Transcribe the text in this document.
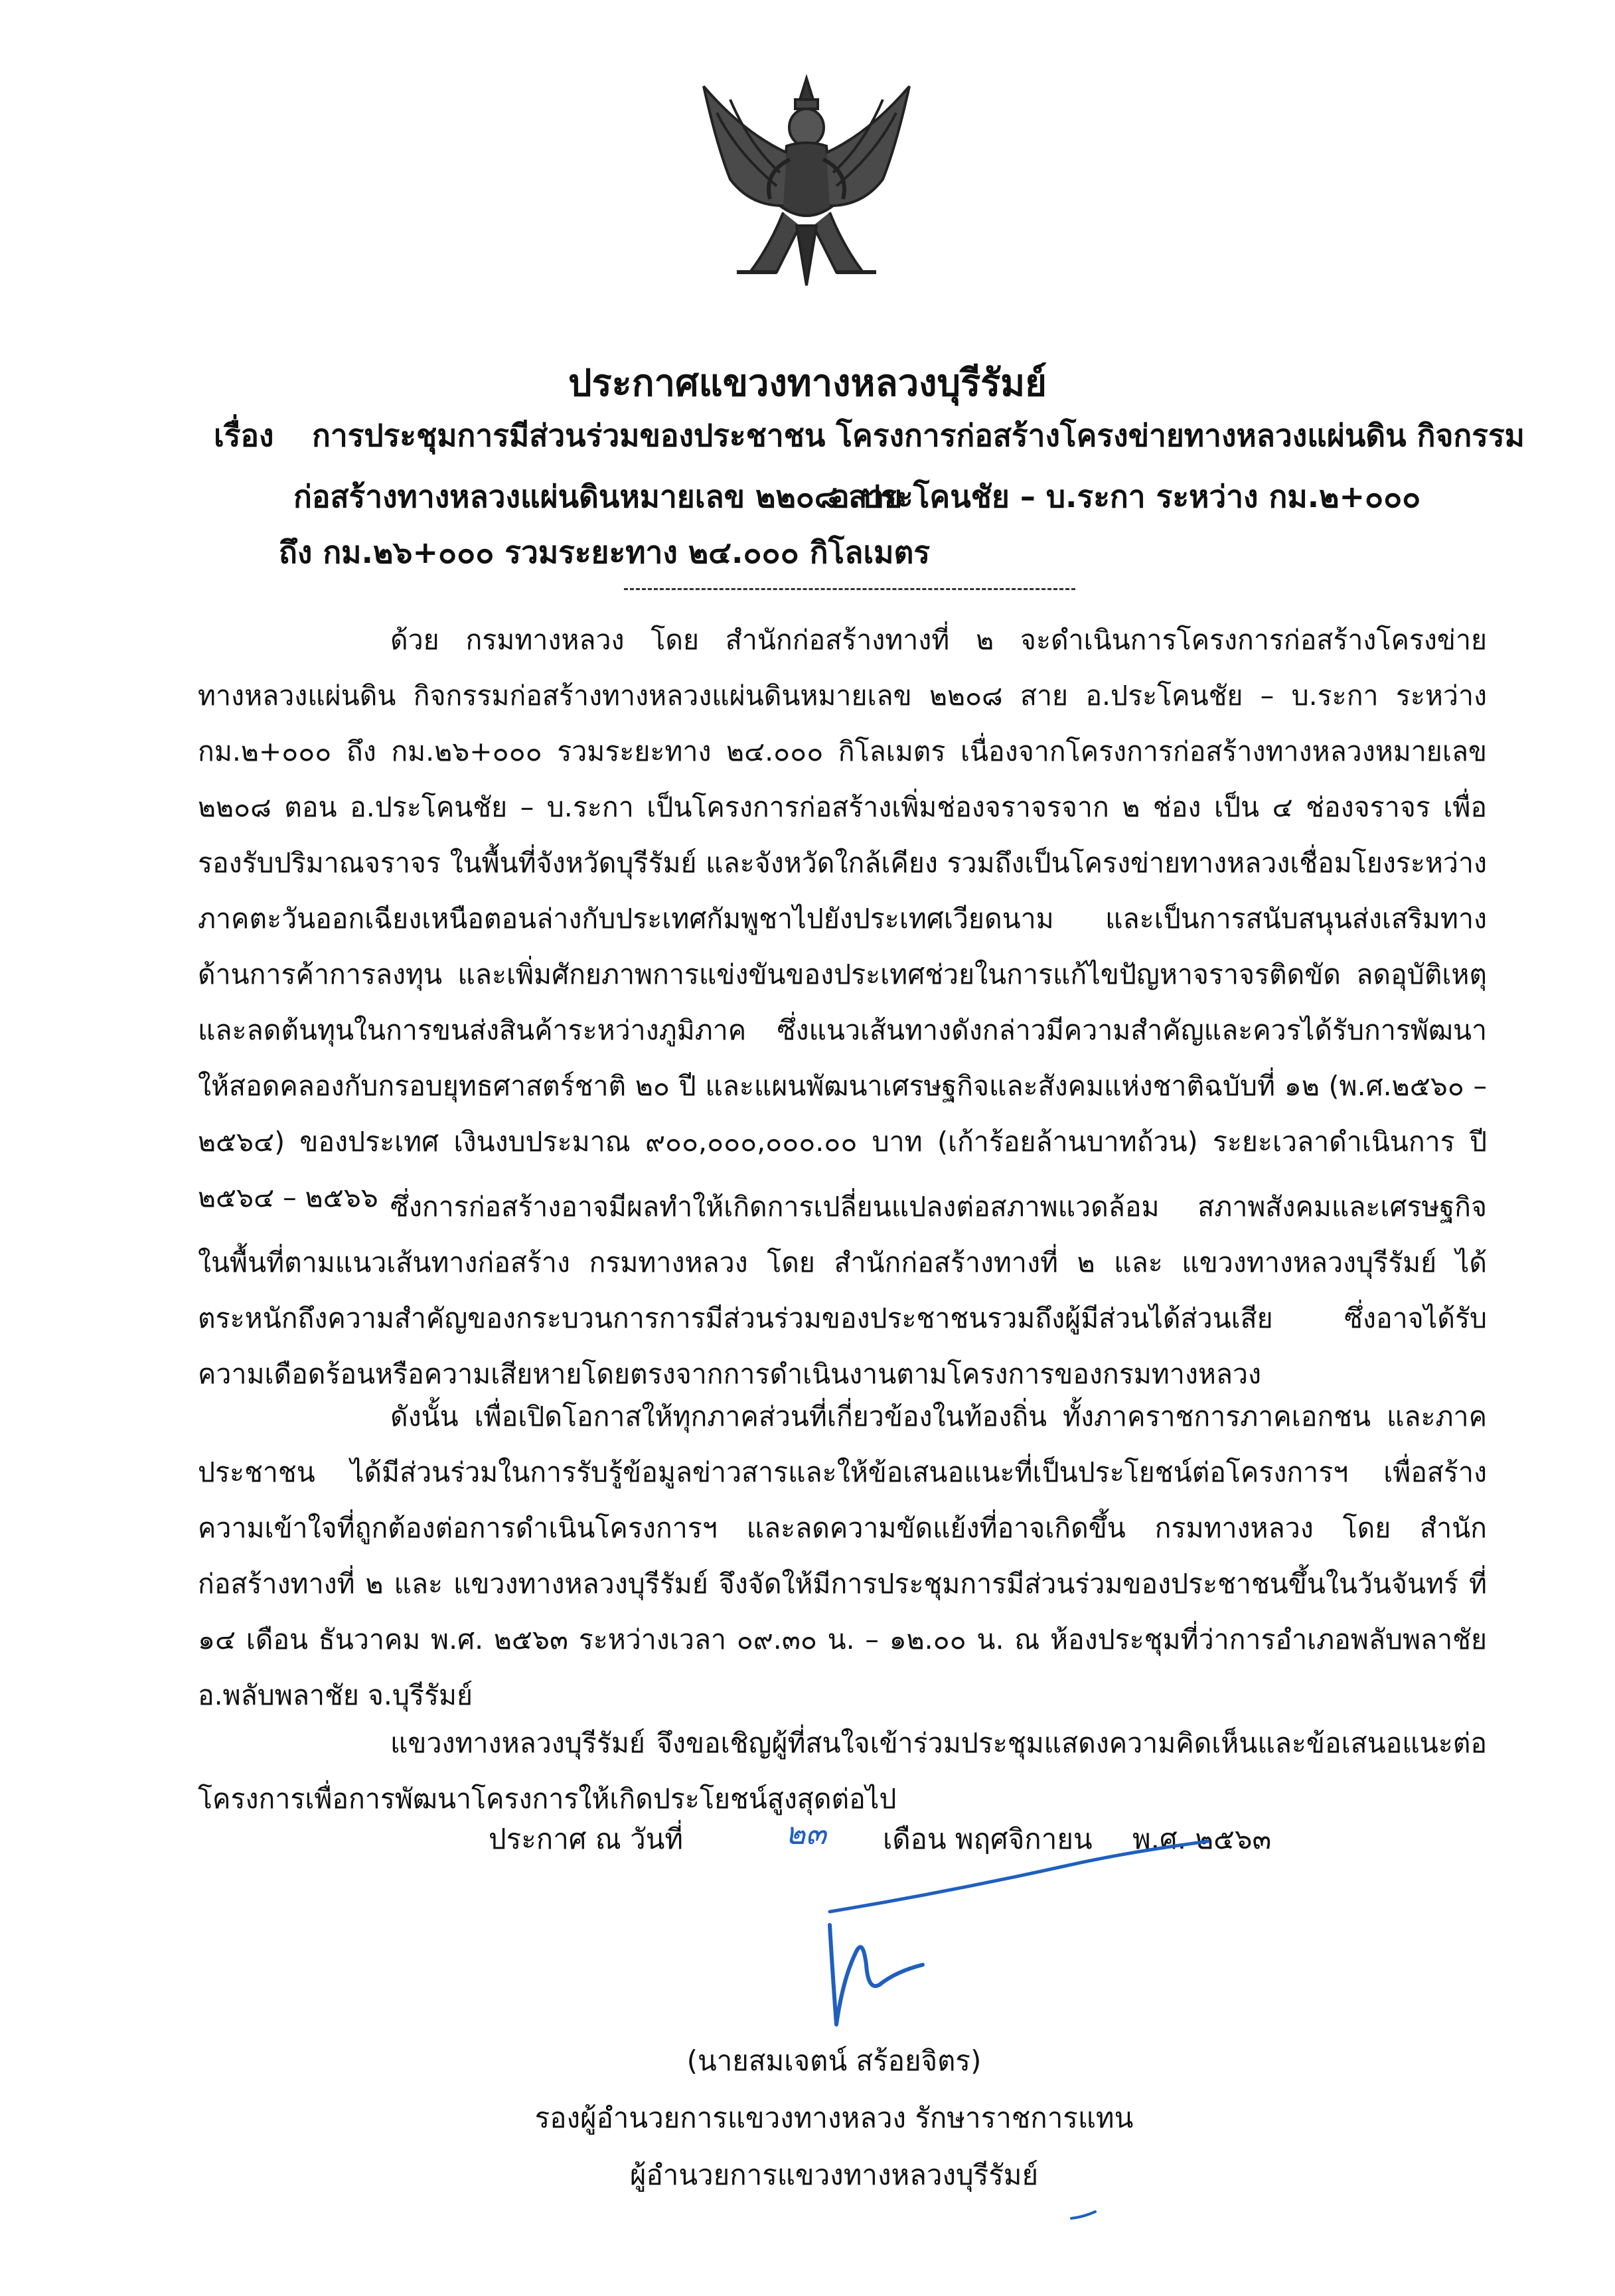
ประกาศแขวงทางหลวงบุรีรัมย์
เรื่อง การประชุมการมีส่วนร่วมของประชาชน โครงการก่อสร้างโครงข่ายทางหลวงแผ่นดิน กิจกรรม
ก่อสร้างทางหลวงแผ่นดินหมายเลข ๒๒๐๘ สาย
อ.ประโคนชัย – บ.ระกา ระหว่าง กม.๒+๐๐๐
ถึง กม.๒๖+๐๐๐ รวมระยะทาง ๒๔.๐๐๐ กิโลเมตร

ด้วย กรมทางหลวง โดย สำนักก่อสร้างทางที่ ๒ จะดำเนินการโครงการก่อสร้างโครงข่ายทางหลวงแผ่นดิน กิจกรรมก่อสร้างทางหลวงแผ่นดินหมายเลข ๒๒๐๘ สาย อ.ประโคนชัย – บ.ระกา ระหว่าง กม.๒+๐๐๐ ถึง กม.๒๖+๐๐๐ รวมระยะทาง ๒๔.๐๐๐ กิโลเมตร เนื่องจากโครงการก่อสร้างทางหลวงหมายเลข ๒๒๐๘ ตอน อ.ประโคนชัย – บ.ระกา เป็นโครงการก่อสร้างเพิ่มช่องจราจรจาก ๒ ช่อง เป็น ๔ ช่องจราจร เพื่อรองรับปริมาณจราจร ในพื้นที่จังหวัดบุรีรัมย์ และจังหวัดใกล้เคียง รวมถึงเป็นโครงข่ายทางหลวงเชื่อมโยงระหว่างภาคตะวันออกเฉียงเหนือตอนล่างกับประเทศกัมพูชาไปยังประเทศเวียดนาม และเป็นการสนับสนุนส่งเสริมทางด้านการค้าการลงทุน และเพิ่มศักยภาพการแข่งขันของประเทศช่วยในการแก้ไขปัญหาจราจรติดขัด ลดอุบัติเหตุ และลดต้นทุนในการขนส่งสินค้าระหว่างภูมิภาค ซึ่งแนวเส้นทางดังกล่าวมีความสำคัญและควรได้รับการพัฒนาให้สอดคลองกับกรอบยุทธศาสตร์ชาติ ๒๐ ปี และแผนพัฒนาเศรษฐกิจและสังคมแห่งชาติฉบับที่ ๑๒ (พ.ศ.๒๕๖๐ – ๒๕๖๔) ของประเทศ เงินงบประมาณ ๙๐๐,๐๐๐,๐๐๐.๐๐ บาท (เก้าร้อยล้านบาทถ้วน) ระยะเวลาดำเนินการ ปี ๒๕๖๔ – ๒๕๖๖ ซึ่งการก่อสร้างอาจมีผลทำให้เกิดการเปลี่ยนแปลงต่อสภาพแวดล้อม สภาพสังคมและเศรษฐกิจในพื้นที่ตามแนวเส้นทางก่อสร้าง กรมทางหลวง โดย สำนักก่อสร้างทางที่ ๒ และ แขวงทางหลวงบุรีรัมย์ ได้ตระหนักถึงความสำคัญของกระบวนการการมีส่วนร่วมของประชาชนรวมถึงผู้มีส่วนได้ส่วนเสีย ซึ่งอาจได้รับความเดือดร้อนหรือความเสียหายโดยตรงจากการดำเนินงานตามโครงการของกรมทางหลวง

ดังนั้น เพื่อเปิดโอกาสให้ทุกภาคส่วนที่เกี่ยวข้องในท้องถิ่น ทั้งภาคราชการภาคเอกชน และภาคประชาชน ได้มีส่วนร่วมในการรับรู้ข้อมูลข่าวสารและให้ข้อเสนอแนะที่เป็นประโยชน์ต่อโครงการฯ เพื่อสร้างความเข้าใจที่ถูกต้องต่อการดำเนินโครงการฯ และลดความขัดแย้งที่อาจเกิดขึ้น กรมทางหลวง โดย สำนักก่อสร้างทางที่ ๒ และ แขวงทางหลวงบุรีรัมย์ จึงจัดให้มีการประชุมการมีส่วนร่วมของประชาชนขึ้นในวันจันทร์ ที่ ๑๔ เดือน ธันวาคม พ.ศ. ๒๕๖๓ ระหว่างเวลา ๐๙.๓๐ น. – ๑๒.๐๐ น. ณ ห้องประชุมที่ว่าการอำเภอพลับพลาชัย อ.พลับพลาชัย จ.บุรีรัมย์

แขวงทางหลวงบุรีรัมย์ จึงขอเชิญผู้ที่สนใจเข้าร่วมประชุมแสดงความคิดเห็นและข้อเสนอแนะต่อโครงการเพื่อการพัฒนาโครงการให้เกิดประโยชน์สูงสุดต่อไป

ประกาศ ณ วันที่	๒๓ เดือน พฤศจิกายน พ.ศ. ๒๕๖๓
(นายสมเจตน์ สร้อยจิตร)
รองผู้อำนวยการแขวงทางหลวง รักษาราชการแทน
ผู้อำนวยการแขวงทางหลวงบุรีรัมย์
